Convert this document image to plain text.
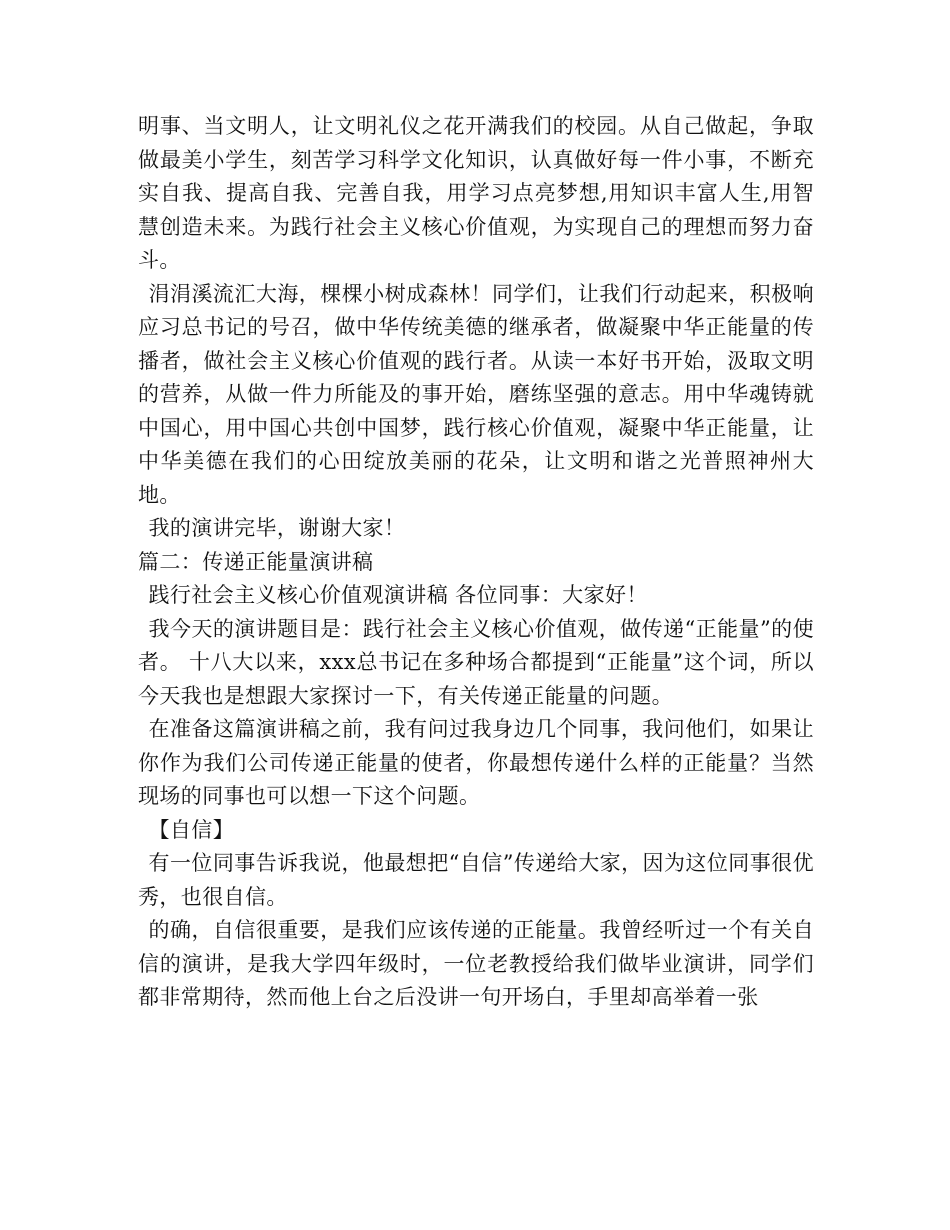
明事、当文明人，让文明礼仪之花开满我们的校园。从自己做起，争取做最美小学生，刻苦学习科学文化知识，认真做好每一件小事，不断充实自我、提高自我、完善自我，用学习点亮梦想,用知识丰富人生,用智慧创造未来。为践行社会主义核心价值观，为实现自己的理想而努力奋斗。

涓涓溪流汇大海，棵棵小树成森林！同学们，让我们行动起来，积极响应习总书记的号召，做中华传统美德的继承者，做凝聚中华正能量的传播者，做社会主义核心价值观的践行者。从读一本好书开始，汲取文明的营养，从做一件力所能及的事开始，磨练坚强的意志。用中华魂铸就中国心，用中国心共创中国梦，践行核心价值观，凝聚中华正能量，让中华美德在我们的心田绽放美丽的花朵，让文明和谐之光普照神州大地。

我的演讲完毕，谢谢大家！

篇二：传递正能量演讲稿

践行社会主义核心价值观演讲稿 各位同事：大家好！

我今天的演讲题目是：践行社会主义核心价值观，做传递“正能量”的使者。 十八大以来，xxx总书记在多种场合都提到“正能量”这个词，所以今天我也是想跟大家探讨一下，有关传递正能量的问题。

在准备这篇演讲稿之前，我有问过我身边几个同事，我问他们，如果让你作为我们公司传递正能量的使者，你最想传递什么样的正能量？当然现场的同事也可以想一下这个问题。

【自信】

有一位同事告诉我说，他最想把“自信”传递给大家，因为这位同事很优秀，也很自信。

的确，自信很重要，是我们应该传递的正能量。我曾经听过一个有关自信的演讲，是我大学四年级时，一位老教授给我们做毕业演讲，同学们都非常期待，然而他上台之后没讲一句开场白，手里却高举着一张
